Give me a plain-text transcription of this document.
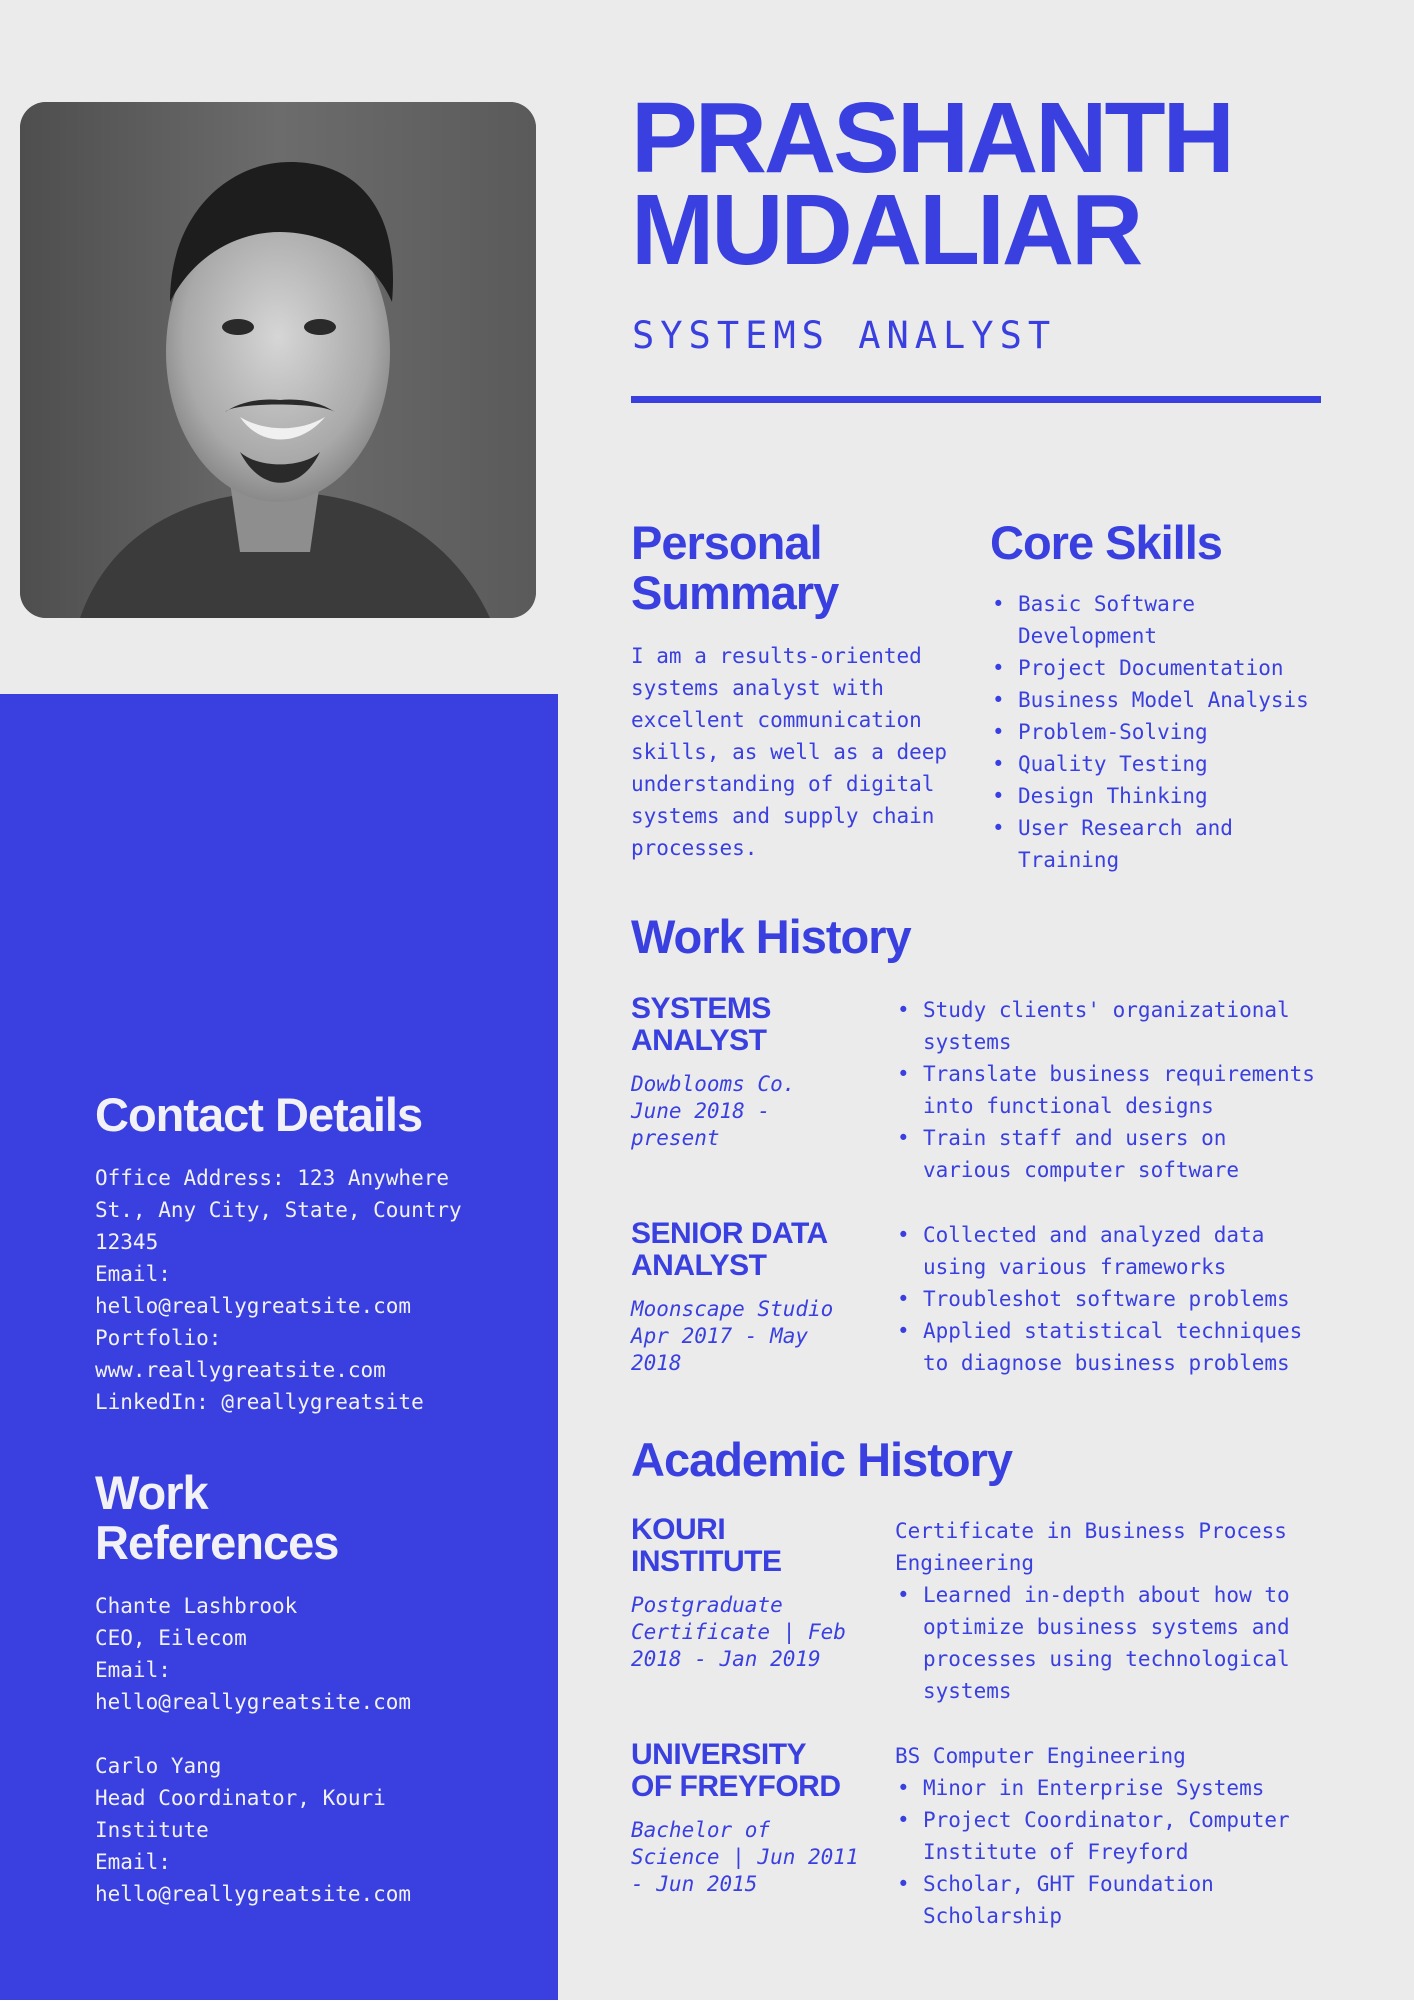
PRASHANTH
MUDALIAR
SYSTEMS ANALYST
Personal
Summary

I am a results-oriented systems analyst with excellent communication skills, as well as a deep understanding of digital systems and supply chain processes.

Core Skills
• Basic Software Development
• Project Documentation
• Business Model Analysis
• Problem-Solving
• Quality Testing
• Design Thinking
• User Research and Training
Work History
SYSTEMS
ANALYST
Dowblooms Co.
June 2018 -
present
• Study clients' organizational systems
• Translate business requirements into functional designs
• Train staff and users on various computer software
SENIOR DATA
ANALYST
Moonscape Studio
Apr 2017 - May
2018
• Collected and analyzed data using various frameworks
• Troubleshot software problems
• Applied statistical techniques to diagnose business problems
Academic History
KOURI
INSTITUTE
Postgraduate
Certificate | Feb
2018 - Jan 2019

Certificate in Business Process Engineering

• Learned in-depth about how to optimize business systems and processes using technological systems
UNIVERSITY
OF FREYFORD
Bachelor of
Science | Jun 2011
- Jun 2015

BS Computer Engineering

• Minor in Enterprise Systems
• Project Coordinator, Computer Institute of Freyford
• Scholar, GHT Foundation Scholarship
Contact Details
Office Address: 123 Anywhere
St., Any City, State, Country
12345
Email:
hello@reallygreatsite.com
Portfolio:
www.reallygreatsite.com
LinkedIn: @reallygreatsite
Work
References
Chante Lashbrook
CEO, Eilecom
Email:
hello@reallygreatsite.com
Carlo Yang
Head Coordinator, Kouri
Institute
Email:
hello@reallygreatsite.com
